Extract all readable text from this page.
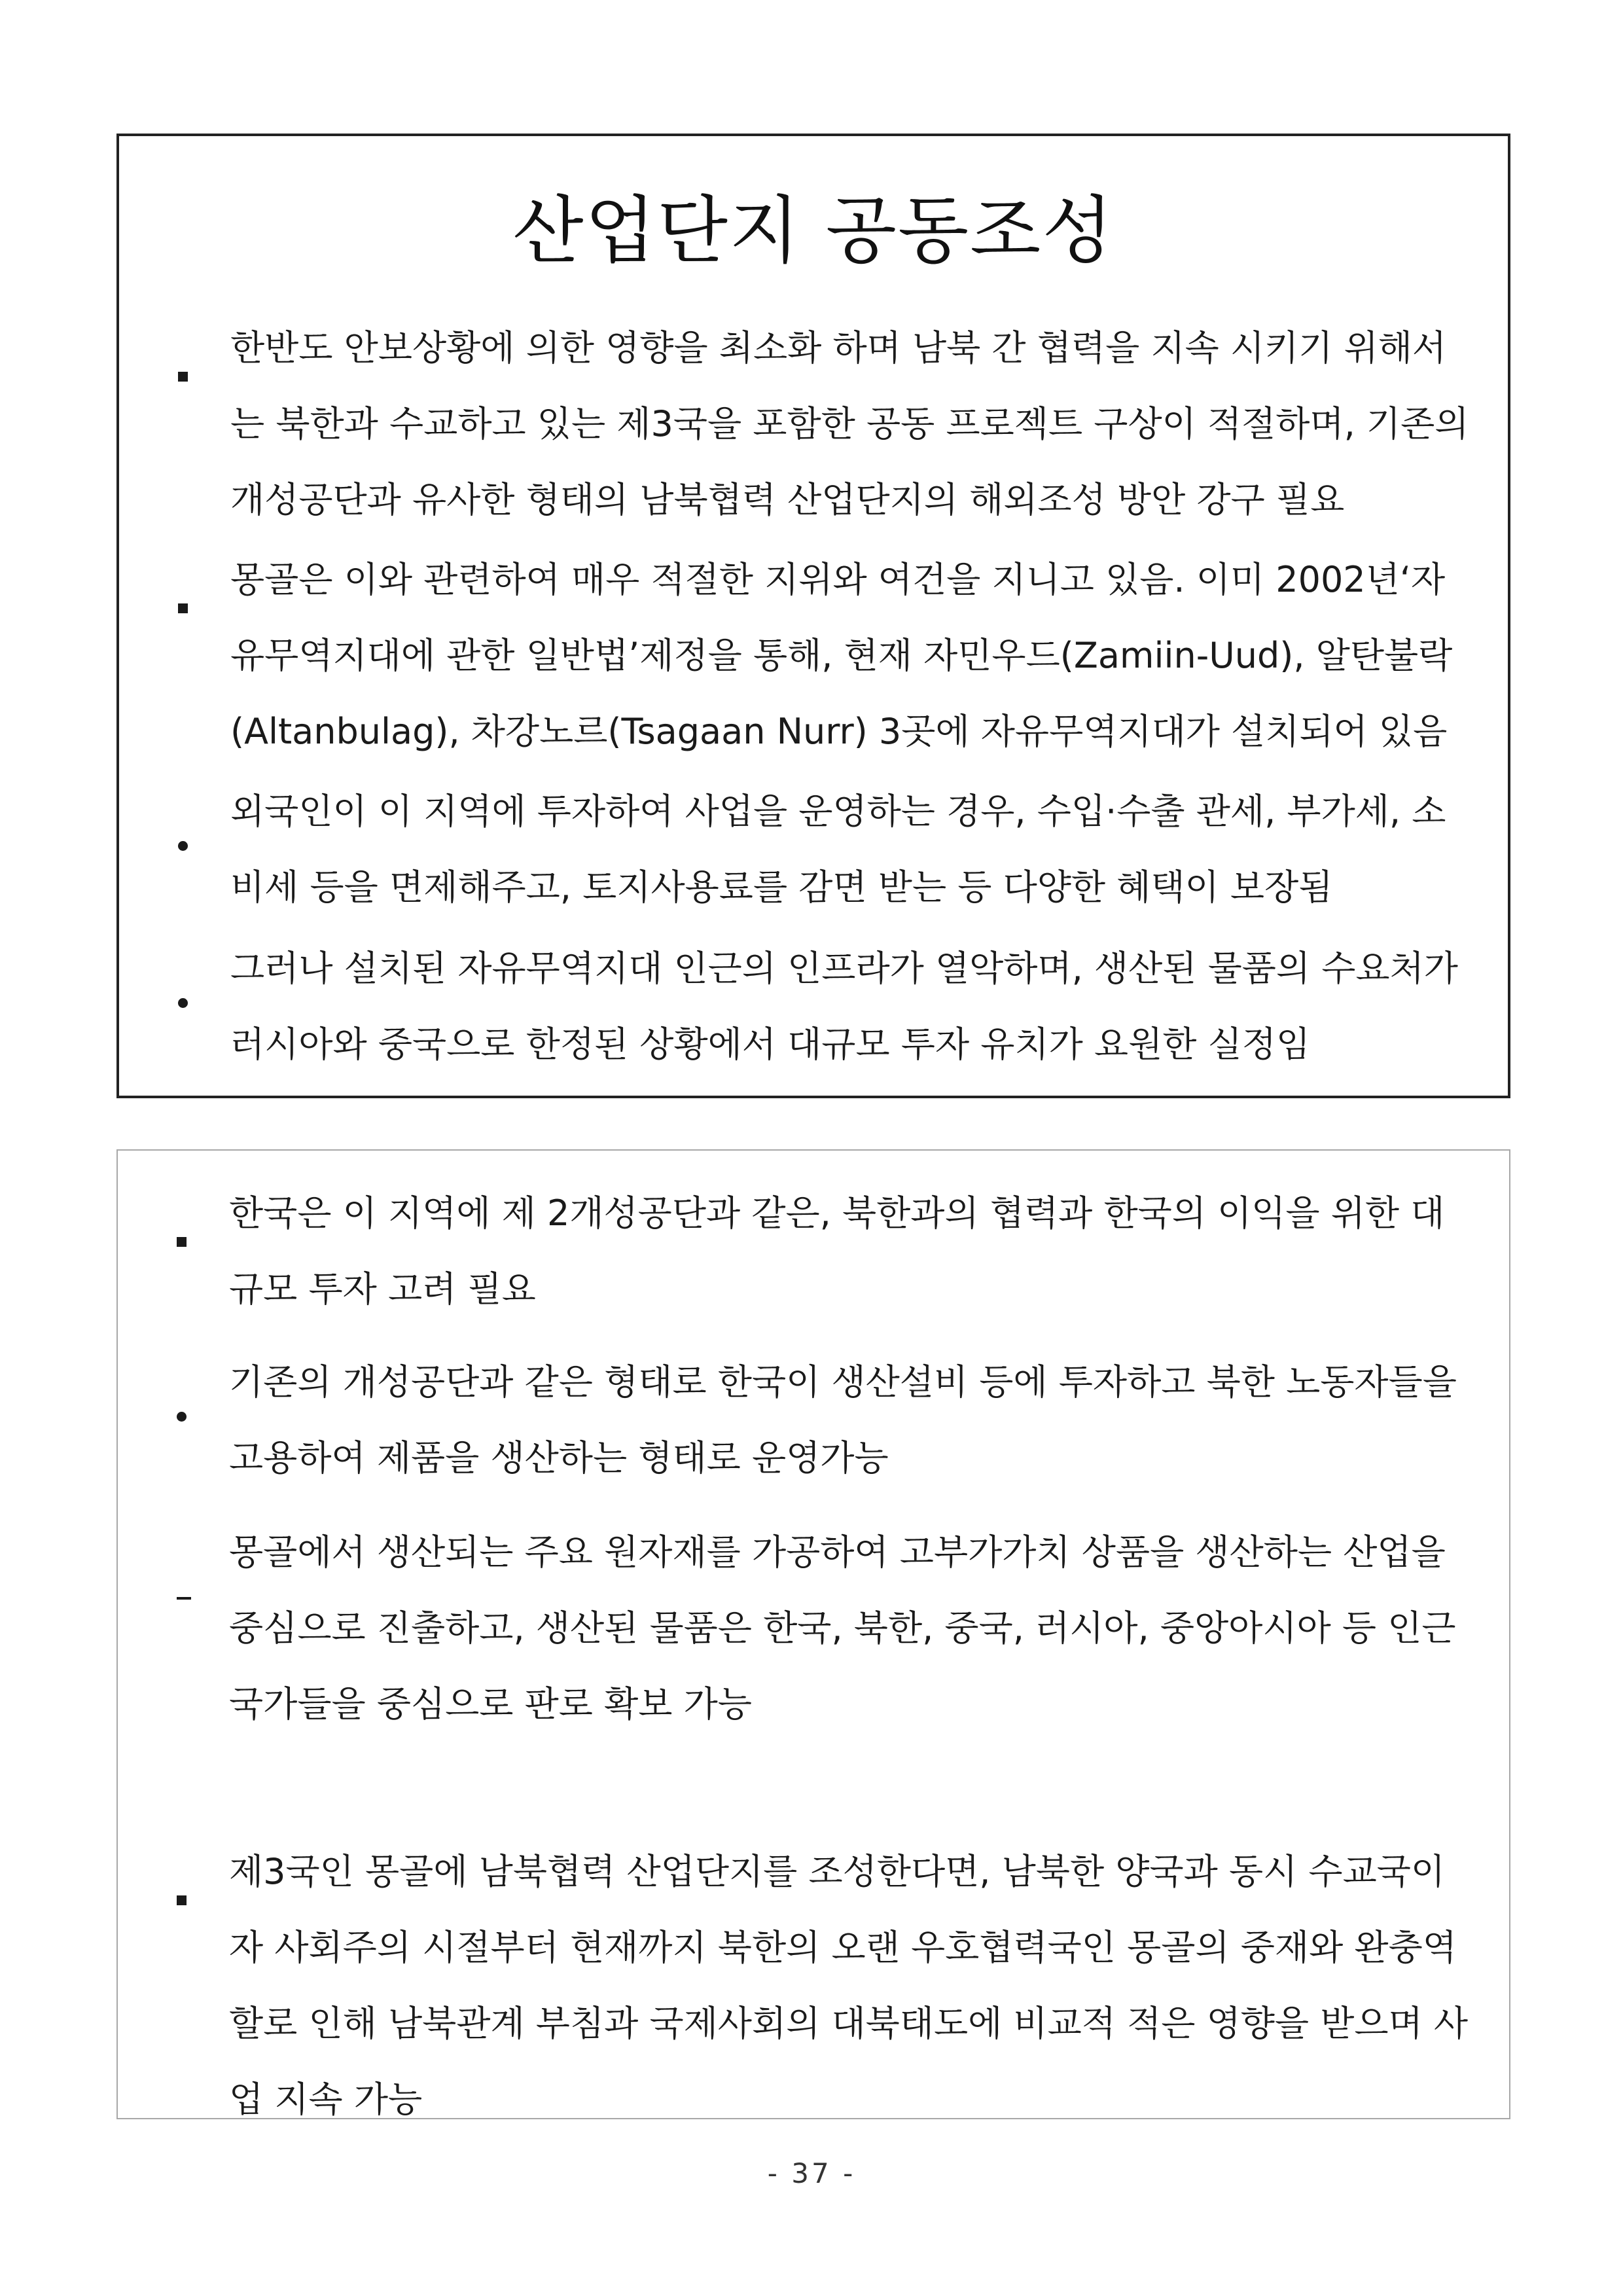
산업단지 공동조성
한반도 안보상황에 의한 영향을 최소화 하며 남북 간 협력을 지속 시키기 위해서는 북한과 수교하고 있는 제3국을 포함한 공동 프로젝트 구상이 적절하며, 기존의 개성공단과 유사한 형태의 남북협력 산업단지의 해외조성 방안 강구 필요
몽골은 이와 관련하여 매우 적절한 지위와 여건을 지니고 있음. 이미 2002년‘자유무역지대에 관한 일반법’제정을 통해, 현재 자민우드(Zamiin-Uud), 알탄불락(Altanbulag), 차강노르(Tsagaan Nurr) 3곳에 자유무역지대가 설치되어 있음
외국인이 이 지역에 투자하여 사업을 운영하는 경우, 수입·수출 관세, 부가세, 소비세 등을 면제해주고, 토지사용료를 감면 받는 등 다양한 혜택이 보장됨
그러나 설치된 자유무역지대 인근의 인프라가 열악하며, 생산된 물품의 수요처가 러시아와 중국으로 한정된 상황에서 대규모 투자 유치가 요원한 실정임
한국은 이 지역에 제 2개성공단과 같은, 북한과의 협력과 한국의 이익을 위한 대규모 투자 고려 필요
기존의 개성공단과 같은 형태로 한국이 생산설비 등에 투자하고 북한 노동자들을 고용하여 제품을 생산하는 형태로 운영가능
몽골에서 생산되는 주요 원자재를 가공하여 고부가가치 상품을 생산하는 산업을 중심으로 진출하고, 생산된 물품은 한국, 북한, 중국, 러시아, 중앙아시아 등 인근 국가들을 중심으로 판로 확보 가능
제3국인 몽골에 남북협력 산업단지를 조성한다면, 남북한 양국과 동시 수교국이자 사회주의 시절부터 현재까지 북한의 오랜 우호협력국인 몽골의 중재와 완충역할로 인해 남북관계 부침과 국제사회의 대북태도에 비교적 적은 영향을 받으며 사업 지속 가능
- 37 -
